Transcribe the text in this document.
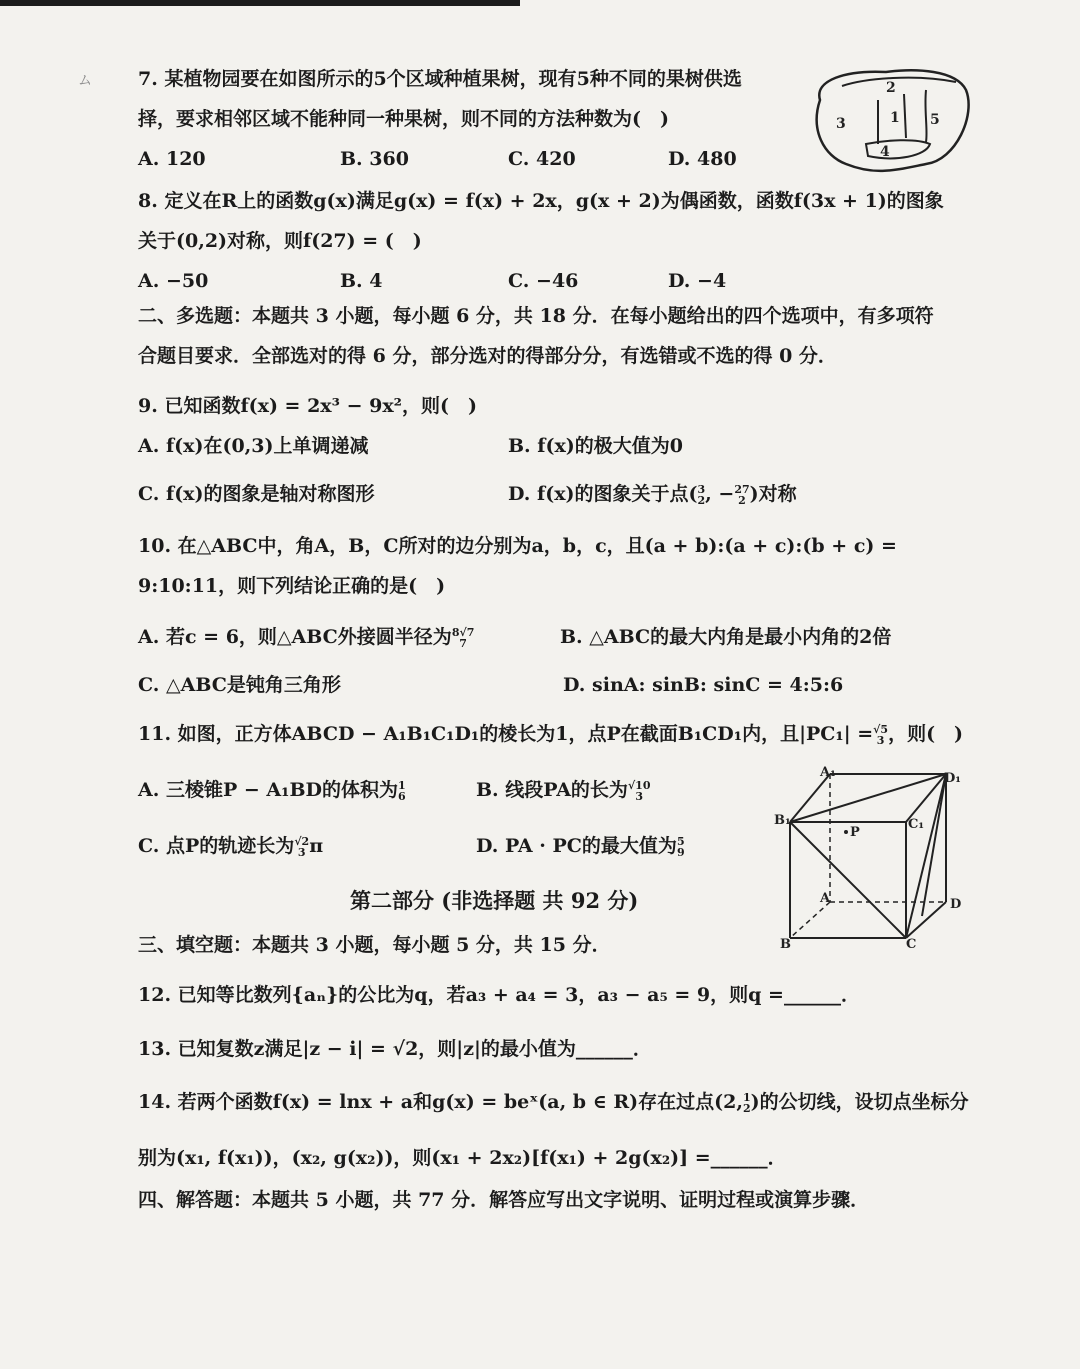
ム 7. 某植物园要在如图所示的5个区域种植果树，现有5种不同的果树供选
择，要求相邻区域不能种同一种果树，则不同的方法种数为(　)
A. 120	B. 360	C. 420	D. 480
1
2
3
4
5
8. 定义在R上的函数g(x)满足g(x) = f(x) + 2x，g(x + 2)为偶函数，函数f(3x + 1)的图象
关于(0,2)对称，则f(27) = (　)
A. −50	B. 4	C. −46	D. −4
二、多选题：本题共 3 小题，每小题 6 分，共 18 分．在每小题给出的四个选项中，有多项符
合题目要求．全部选对的得 6 分，部分选对的得部分分，有选错或不选的得 0 分．
9. 已知函数f(x) = 2x³ − 9x²，则(　)
A. f(x)在(0,3)上单调递减	B. f(x)的极大值为0
C. f(x)的图象是轴对称图形	D. f(x)的图象关于点(3
2, −27
2 )对称
10. 在△ABC中，角A，B，C所对的边分别为a，b，c，且(a + b):(a + c):(b + c) =
9:10:11，则下列结论正确的是(　)
A. 若c = 6，则△ABC外接圆半径为8√7
7	B. △ABC的最大内角是最小内角的2倍
C. △ABC是钝角三角形	D. sinA: sinB: sinC = 4:5:6
11. 如图，正方体ABCD − A₁B₁C₁D₁的棱长为1，点P在截面B₁CD₁内，且|PC₁| =√5
3 ，则(　)
A. 三棱锥P − A₁BD的体积为1
6	B. 线段PA的长为√10
3
C. 点P的轨迹长为√2
3 π	D. PA · PC的最大值为5
9
A₁	D₁
B₁	C₁
P
A	D
B	C
第二部分 (非选择题 共 92 分)
三、填空题：本题共 3 小题，每小题 5 分，共 15 分．
12. 已知等比数列{aₙ}的公比为q，若a₃ + a₄ = 3，a₃ − a₅ = 9，则q =______．
13. 已知复数z满足|z − i| = √2，则|z|的最小值为______．
14. 若两个函数f(x) = lnx + a和g(x) = beˣ(a, b ∈ R)存在过点(2,1
2)的公切线，设切点坐标分
别为(x₁, f(x₁))，(x₂, g(x₂))，则(x₁ + 2x₂)[f(x₁) + 2g(x₂)] =______．
四、解答题：本题共 5 小题，共 77 分．解答应写出文字说明、证明过程或演算步骤．
